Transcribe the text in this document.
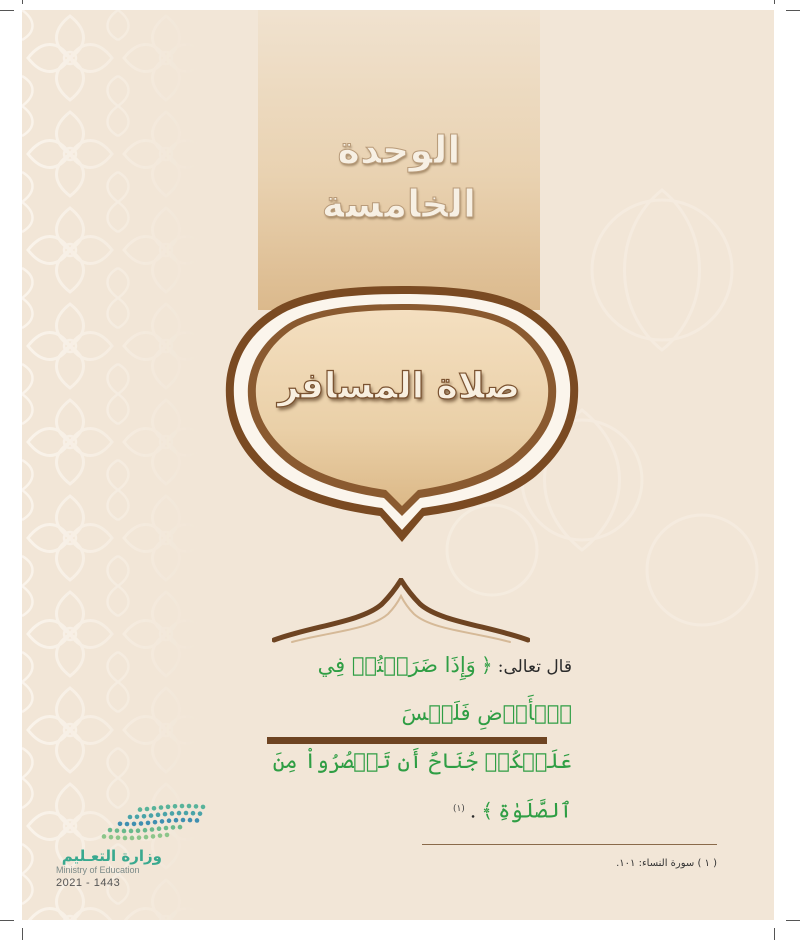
الوحدة
الخامسة
صلاة المسافر
قال تعالى: ﴿ وَإِذَا ضَرَبۡتُمۡ فِي ٱلۡأَرۡضِ فَلَيۡسَ
عَلَيۡكُمۡ جُنَاحٌ أَن تَقۡصُرُواْ مِنَ ٱلصَّلَوٰةِ ﴾ . $^{(١)}$
( ١ ) سورة النساء: ١٠١.
وزارة التعـليم
Ministry of Education
2021 - 1443
